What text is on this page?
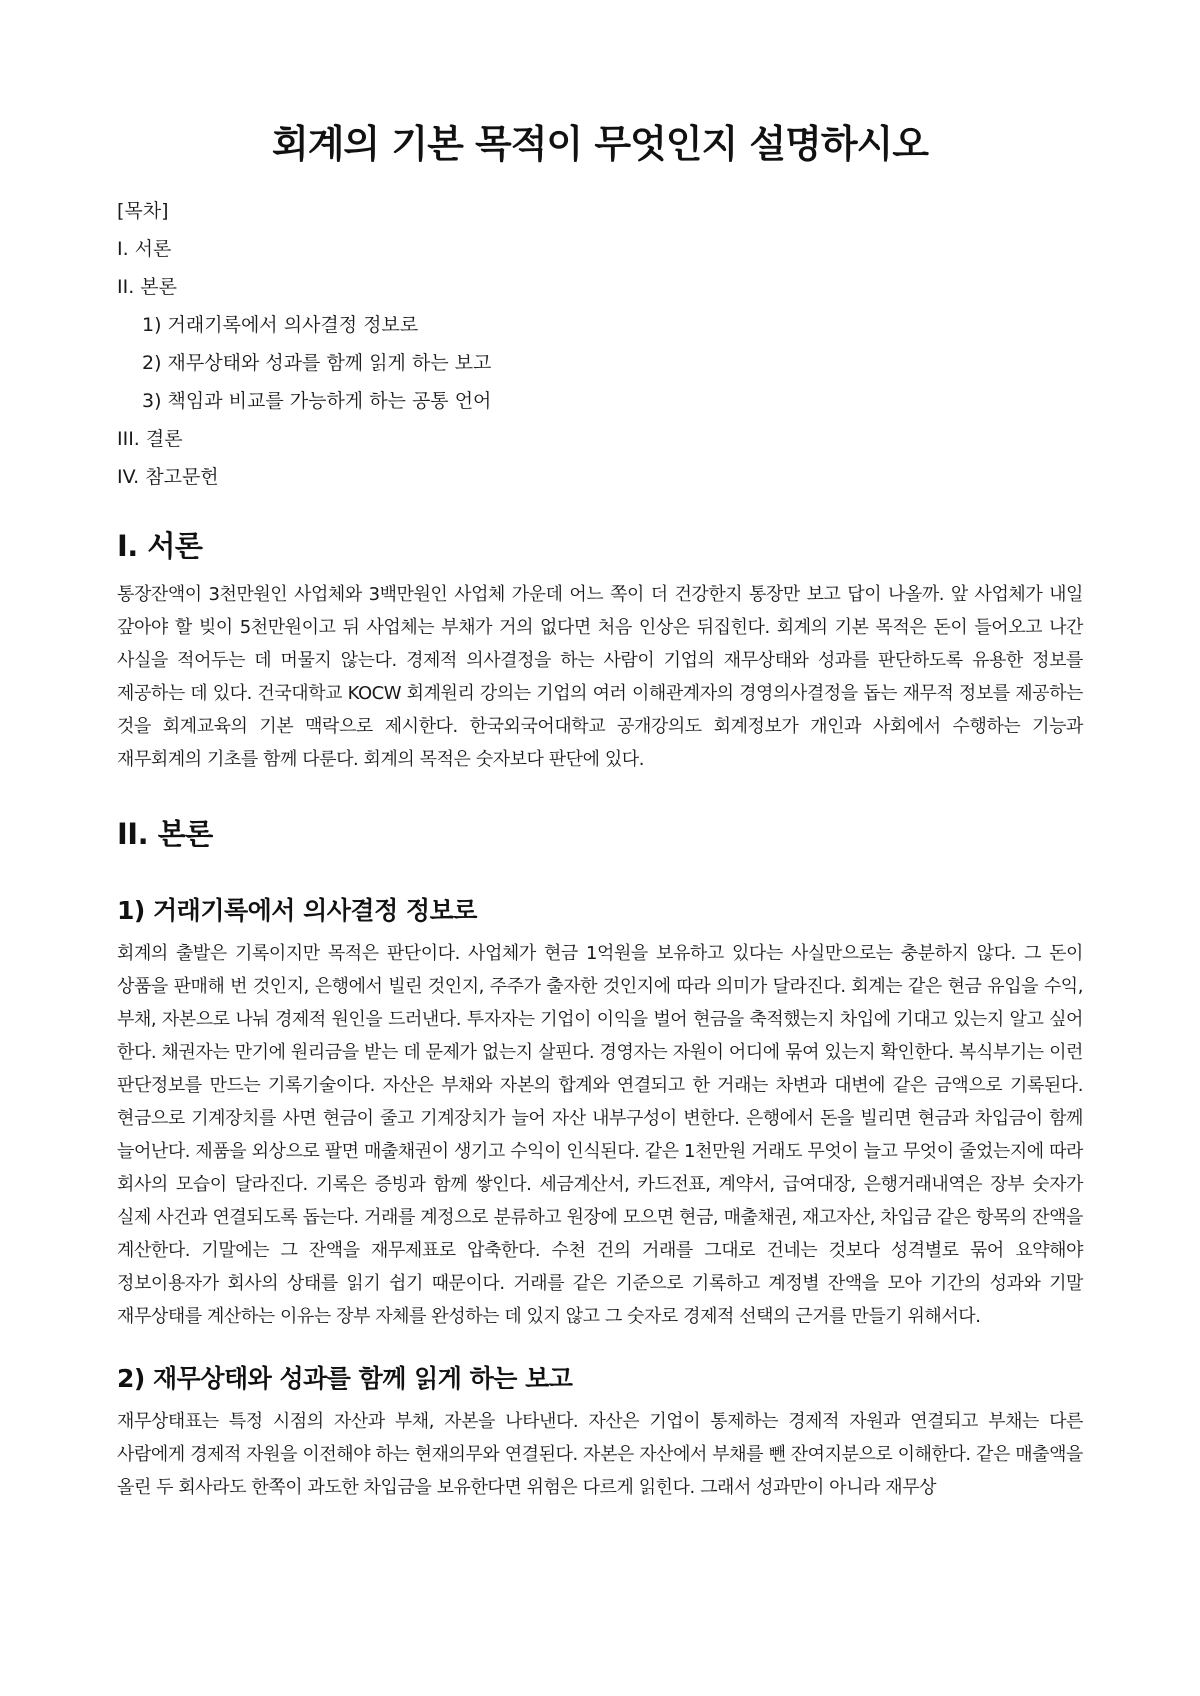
회계의 기본 목적이 무엇인지 설명하시오
[목차]
I. 서론
II. 본론
1) 거래기록에서 의사결정 정보로
2) 재무상태와 성과를 함께 읽게 하는 보고
3) 책임과 비교를 가능하게 하는 공통 언어
III. 결론
IV. 참고문헌
I. 서론

통장잔액이 3천만원인 사업체와 3백만원인 사업체 가운데 어느 쪽이 더 건강한지 통장만 보고 답이 나올까. 앞 사업체가 내일 갚아야 할 빚이 5천만원이고 뒤 사업체는 부채가 거의 없다면 처음 인상은 뒤집힌다. 회계의 기본 목적은 돈이 들어오고 나간 사실을 적어두는 데 머물지 않는다. 경제적 의사결정을 하는 사람이 기업의 재무상태와 성과를 판단하도록 유용한 정보를 제공하는 데 있다. 건국대학교 KOCW 회계원리 강의는 기업의 여러 이해관계자의 경영의사결정을 돕는 재무적 정보를 제공하는 것을 회계교육의 기본 맥락으로 제시한다. 한국외국어대학교 공개강의도 회계정보가 개인과 사회에서 수행하는 기능과 재무회계의 기초를 함께 다룬다. 회계의 목적은 숫자보다 판단에 있다.

II. 본론
1) 거래기록에서 의사결정 정보로

회계의 출발은 기록이지만 목적은 판단이다. 사업체가 현금 1억원을 보유하고 있다는 사실만으로는 충분하지 않다. 그 돈이 상품을 판매해 번 것인지, 은행에서 빌린 것인지, 주주가 출자한 것인지에 따라 의미가 달라진다. 회계는 같은 현금 유입을 수익, 부채, 자본으로 나눠 경제적 원인을 드러낸다. 투자자는 기업이 이익을 벌어 현금을 축적했는지 차입에 기대고 있는지 알고 싶어 한다. 채권자는 만기에 원리금을 받는 데 문제가 없는지 살핀다. 경영자는 자원이 어디에 묶여 있는지 확인한다. 복식부기는 이런 판단정보를 만드는 기록기술이다. 자산은 부채와 자본의 합계와 연결되고 한 거래는 차변과 대변에 같은 금액으로 기록된다. 현금으로 기계장치를 사면 현금이 줄고 기계장치가 늘어 자산 내부구성이 변한다. 은행에서 돈을 빌리면 현금과 차입금이 함께 늘어난다. 제품을 외상으로 팔면 매출채권이 생기고 수익이 인식된다. 같은 1천만원 거래도 무엇이 늘고 무엇이 줄었는지에 따라 회사의 모습이 달라진다. 기록은 증빙과 함께 쌓인다. 세금계산서, 카드전표, 계약서, 급여대장, 은행거래내역은 장부 숫자가 실제 사건과 연결되도록 돕는다. 거래를 계정으로 분류하고 원장에 모으면 현금, 매출채권, 재고자산, 차입금 같은 항목의 잔액을 계산한다. 기말에는 그 잔액을 재무제표로 압축한다. 수천 건의 거래를 그대로 건네는 것보다 성격별로 묶어 요약해야 정보이용자가 회사의 상태를 읽기 쉽기 때문이다. 거래를 같은 기준으로 기록하고 계정별 잔액을 모아 기간의 성과와 기말 재무상태를 계산하는 이유는 장부 자체를 완성하는 데 있지 않고 그 숫자로 경제적 선택의 근거를 만들기 위해서다.

2) 재무상태와 성과를 함께 읽게 하는 보고

재무상태표는 특정 시점의 자산과 부채, 자본을 나타낸다. 자산은 기업이 통제하는 경제적 자원과 연결되고 부채는 다른 사람에게 경제적 자원을 이전해야 하는 현재의무와 연결된다. 자본은 자산에서 부채를 뺀 잔여지분으로 이해한다. 같은 매출액을 올린 두 회사라도 한쪽이 과도한 차입금을 보유한다면 위험은 다르게 읽힌다. 그래서 성과만이 아니라 재무상
